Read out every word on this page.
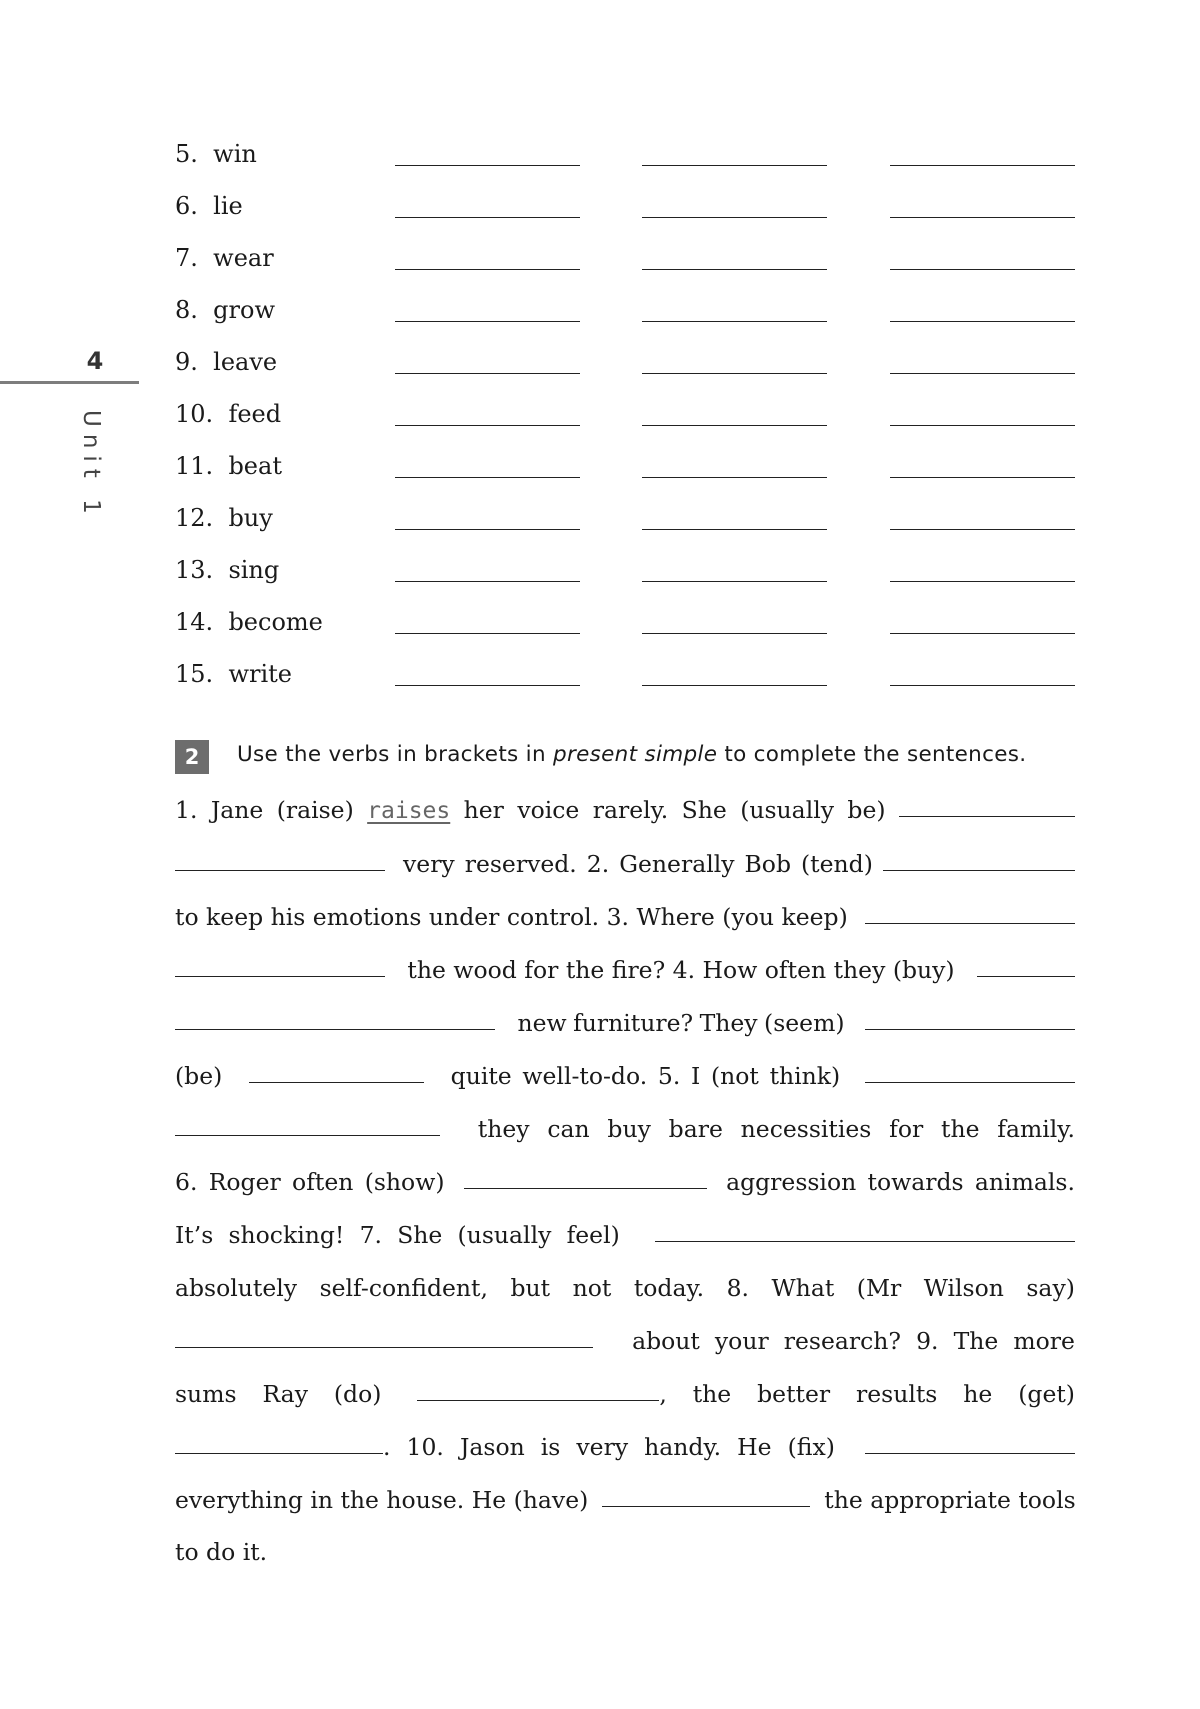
4
Unit 1
5. win
6. lie
7. wear
8. grow
9. leave
10. feed
11. beat
12. buy
13. sing
14. become
15. write
2	Use the verbs in brackets in present simple to complete the sentences.
1. Jane (raise) raises her voice rarely. She (usually be)
very reserved. 2. Generally Bob (tend)
to keep his emotions under control. 3. Where (you keep)
the wood for the fire? 4. How often they (buy)
new furniture? They (seem)
(be)	quite well-to-do. 5. I (not think)
they can buy bare necessities for the family.
6. Roger often (show)	aggression towards animals.
It’s shocking! 7. She (usually feel)
absolutely self-confident, but not today. 8. What (Mr Wilson say)
about your research? 9. The more
sums Ray (do)	, the better results he (get)
. 10. Jason is very handy. He (fix)
everything in the house. He (have)	the appropriate tools
to do it.
